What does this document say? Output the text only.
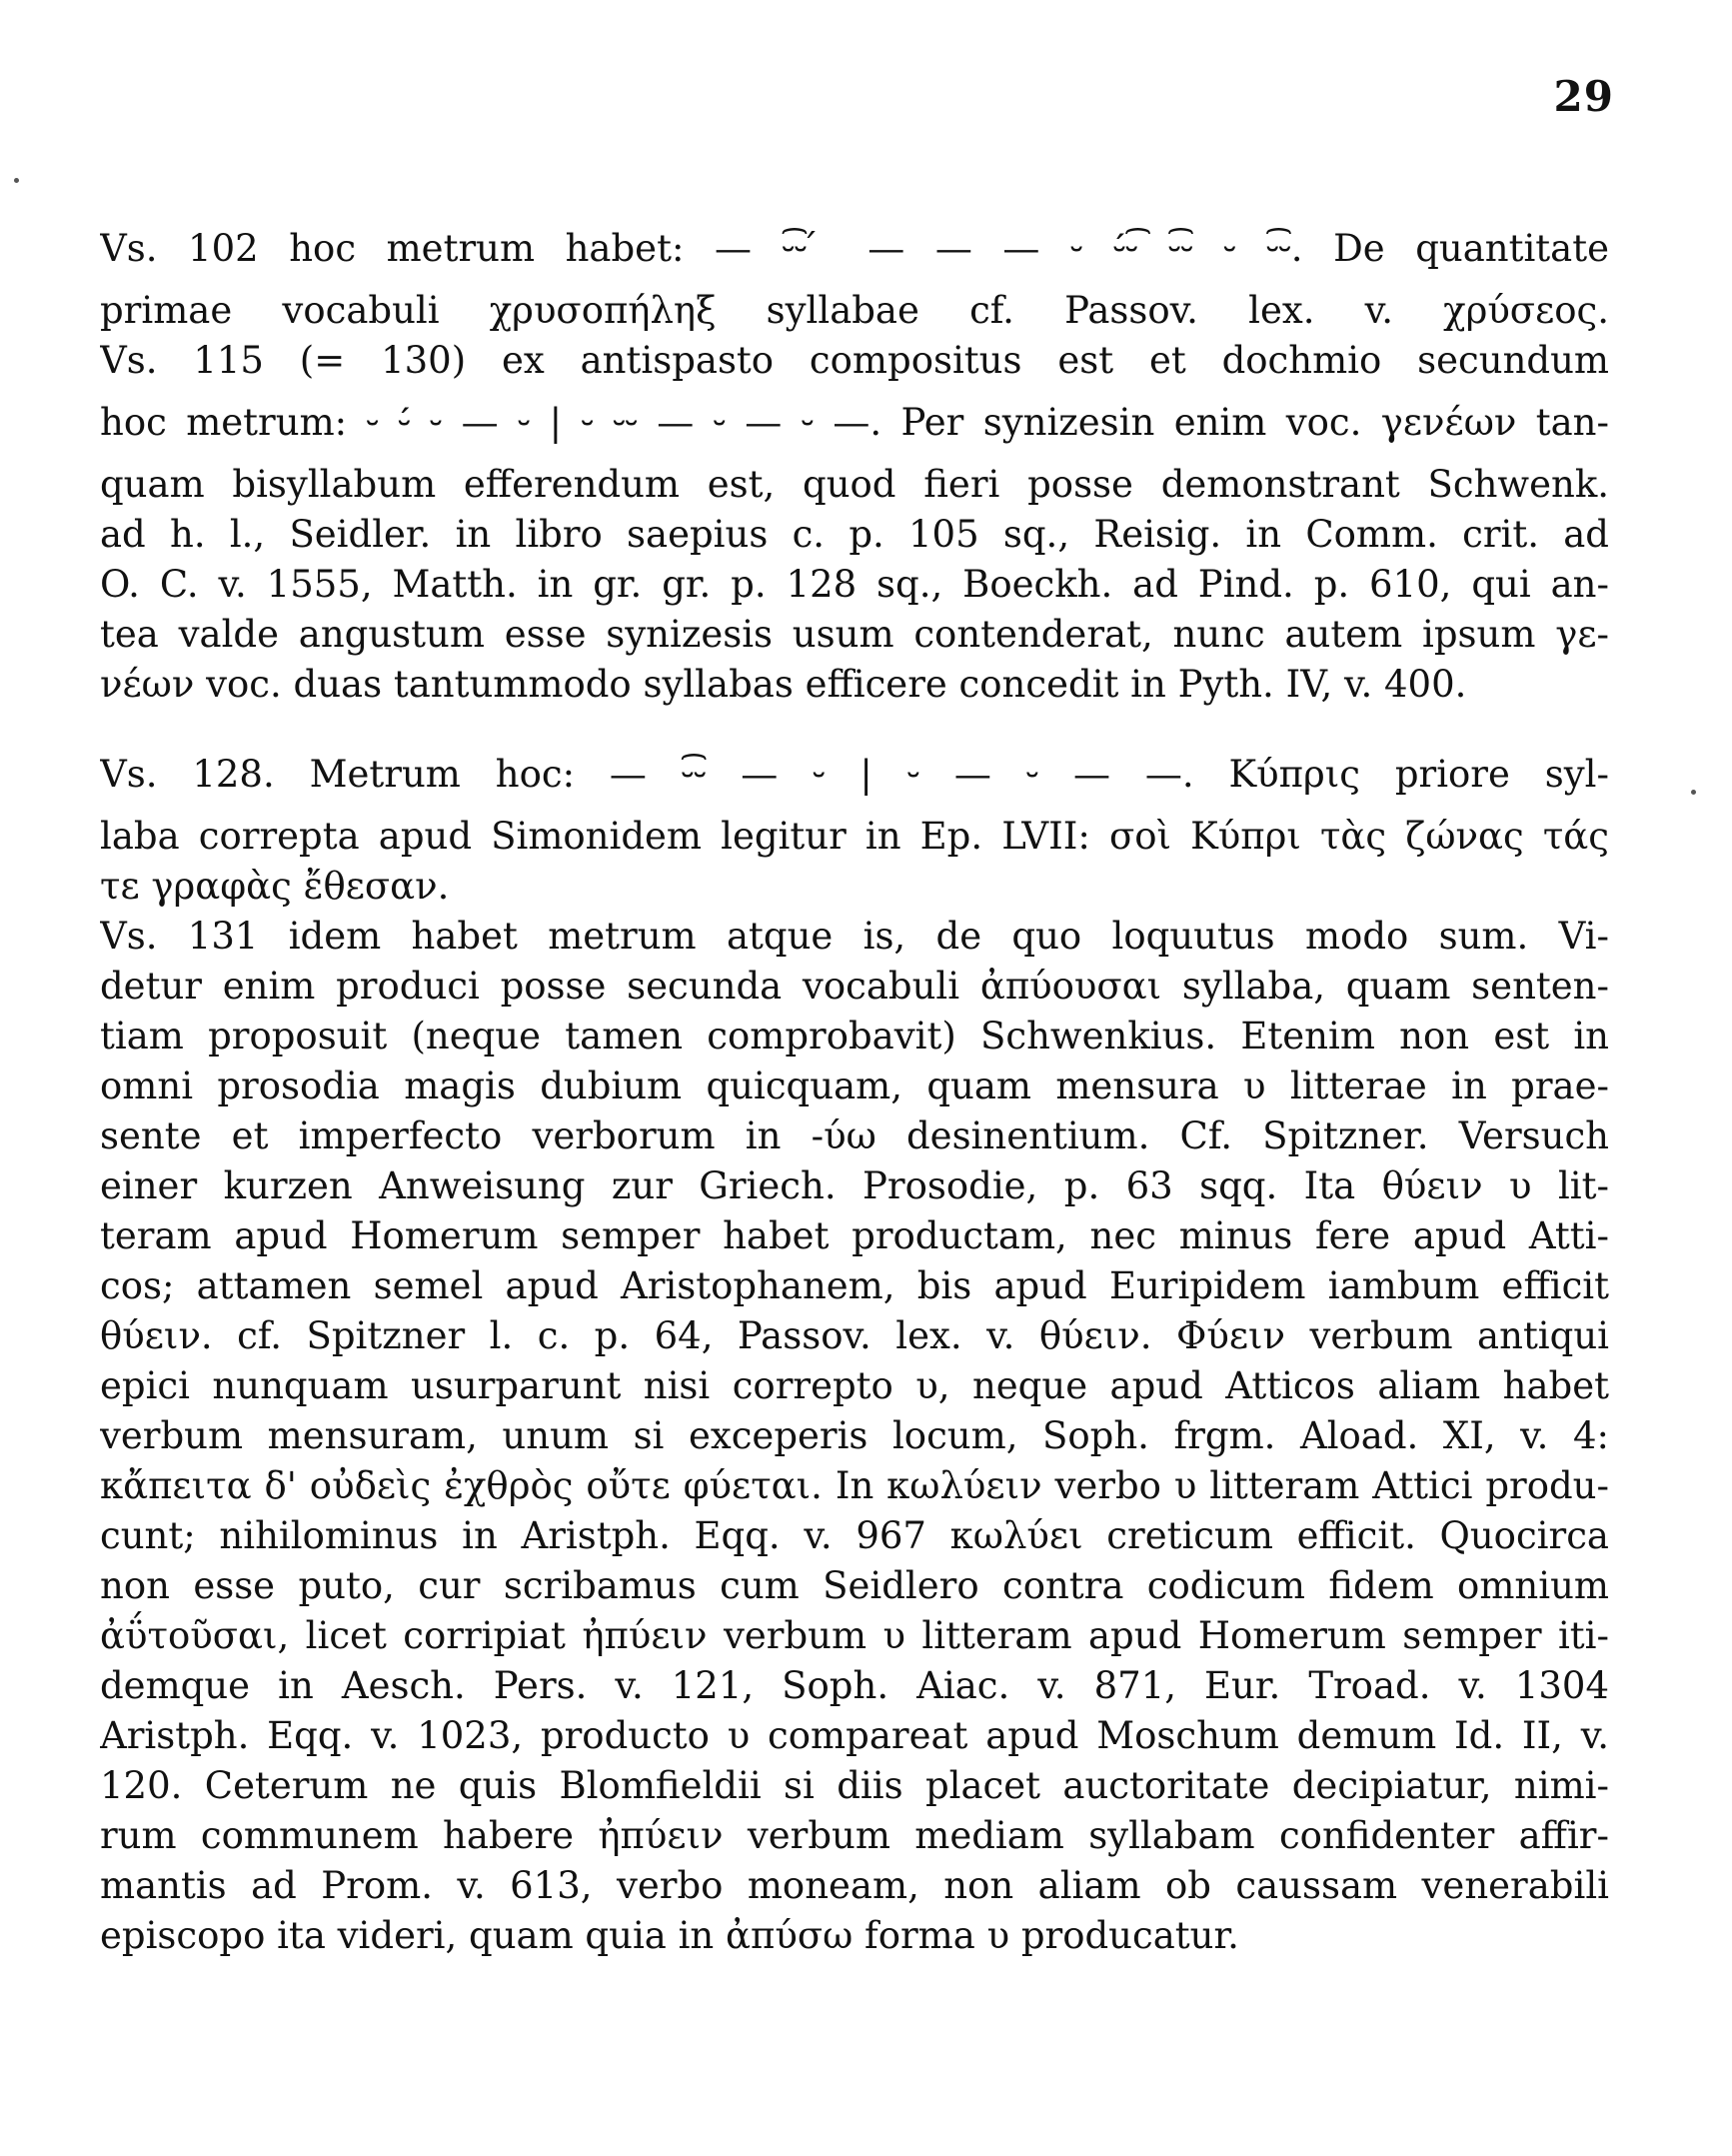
29
Vs. 102 hoc metrum habet: — ⏑͡⏑ ́ — — — ⏑ ⏑́⏑͡ ⏑͡⏑ ⏑ ⏑͡⏑. De quantitate
primae vocabuli χρυσοπήληξ syllabae cf. Passov. lex. v. χρύσεος.
Vs. 115 (= 130) ex antispasto compositus est et dochmio secundum
hoc metrum: ⏑ ⏑́ ⏑ — ⏑ | ⏑ ⏑⏑ — ⏑ — ⏑ —. Per synizesin enim voc. γενέων tan-
quam bisyllabum efferendum est, quod fieri posse demonstrant Schwenk.
ad h. l., Seidler. in libro saepius c. p. 105 sq., Reisig. in Comm. crit. ad
O. C. v. 1555, Matth. in gr. gr. p. 128 sq., Boeckh. ad Pind. p. 610, qui an-
tea valde angustum esse synizesis usum contenderat, nunc autem ipsum γε-
νέων voc. duas tantummodo syllabas efficere concedit in Pyth. IV, v. 400.
Vs. 128. Metrum hoc: — ⏑͡⏑ — ⏑ | ⏑ — ⏑ — —. Κύπρις priore syl-
laba correpta apud Simonidem legitur in Ep. LVII: σοὶ Κύπρι τὰς ζώνας τάς
τε γραφὰς ἔθεσαν.
Vs. 131 idem habet metrum atque is, de quo loquutus modo sum. Vi-
detur enim produci posse secunda vocabuli ἀπύουσαι syllaba, quam senten-
tiam proposuit (neque tamen comprobavit) Schwenkius. Etenim non est in
omni prosodia magis dubium quicquam, quam mensura υ litterae in prae-
sente et imperfecto verborum in -ύω desinentium. Cf. Spitzner. Versuch
einer kurzen Anweisung zur Griech. Prosodie, p. 63 sqq. Ita θύειν υ lit-
teram apud Homerum semper habet productam, nec minus fere apud Atti-
cos; attamen semel apud Aristophanem, bis apud Euripidem iambum efficit
θύειν. cf. Spitzner l. c. p. 64, Passov. lex. v. θύειν. Φύειν verbum antiqui
epici nunquam usurparunt nisi correpto υ, neque apud Atticos aliam habet
verbum mensuram, unum si exceperis locum, Soph. frgm. Aload. XI, v. 4:
κἄπειτα δ' οὐδεὶς ἐχθρὸς οὔτε φύεται. In κωλύειν verbo υ litteram Attici produ-
cunt; nihilominus in Aristph. Eqq. v. 967 κωλύει creticum efficit. Quocirca
non esse puto, cur scribamus cum Seidlero contra codicum fidem omnium
ἀΰτοῦσαι, licet corripiat ἠπύειν verbum υ litteram apud Homerum semper iti-
demque in Aesch. Pers. v. 121, Soph. Aiac. v. 871, Eur. Troad. v. 1304
Aristph. Eqq. v. 1023, producto υ compareat apud Moschum demum Id. II, v.
120. Ceterum ne quis Blomfieldii si diis placet auctoritate decipiatur, nimi-
rum communem habere ἠπύειν verbum mediam syllabam confidenter affir-
mantis ad Prom. v. 613, verbo moneam, non aliam ob caussam venerabili
episcopo ita videri, quam quia in ἀπύσω forma υ producatur.
